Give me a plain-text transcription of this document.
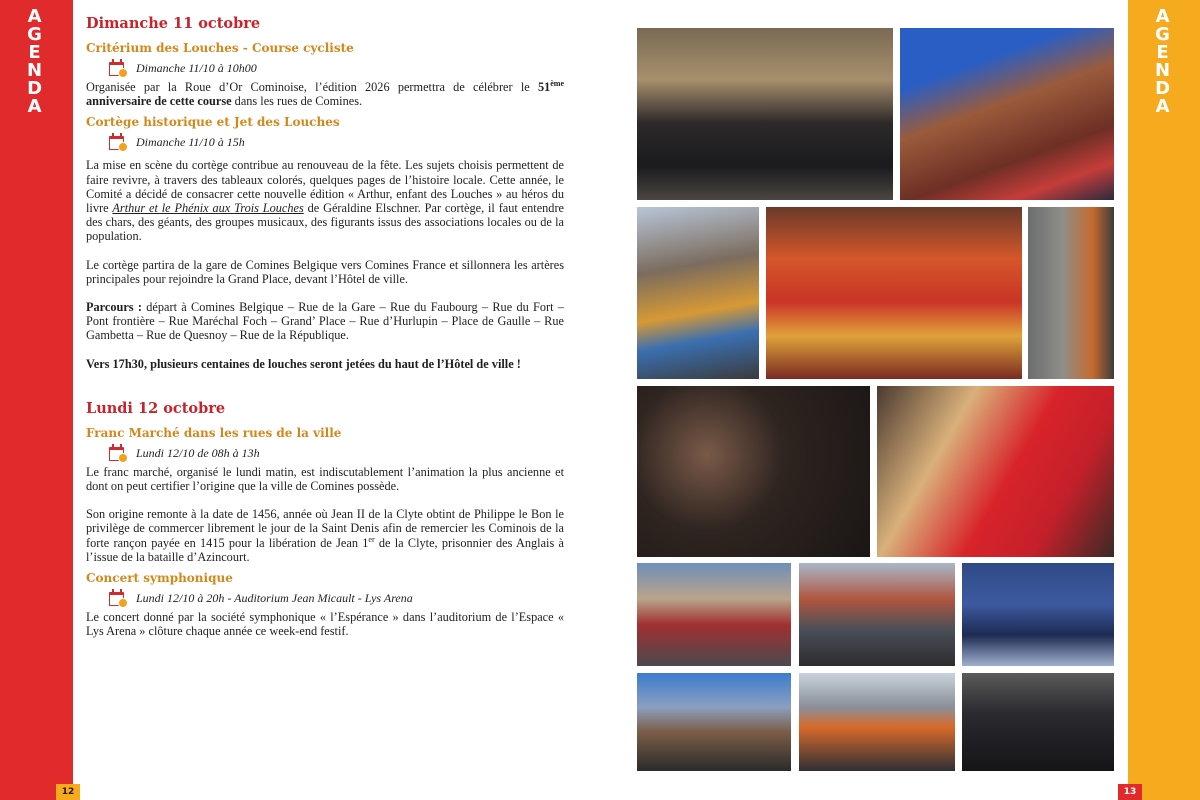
A
G
E
N
D
A
12
A
G
E
N
D
A
13
Dimanche 11 octobre
Critérium des Louches - Course cycliste
Dimanche 11/10 à 10h00

Organisée par la Roue d’Or Cominoise, l’édition 2026 permettra de célébrer le 51ème anniversaire de cette course dans les rues de Comines.

Cortège historique et Jet des Louches
Dimanche 11/10 à 15h

La mise en scène du cortège contribue au renouveau de la fête. Les sujets choisis permettent de faire revivre, à travers des tableaux colorés, quelques pages de l’histoire locale. Cette année, le Comité a décidé de consacrer cette nouvelle édition « Arthur, enfant des Louches » au héros du livre Arthur et le Phénix aux Trois Louches de Géraldine Elschner. Par cortège, il faut entendre des chars, des géants, des groupes musicaux, des figurants issus des associations locales ou de la population.

Le cortège partira de la gare de Comines Belgique vers Comines France et sillonnera les artères principales pour rejoindre la Grand Place, devant l’Hôtel de ville.

Parcours : départ à Comines Belgique – Rue de la Gare – Rue du Faubourg – Rue du Fort – Pont frontière – Rue Maréchal Foch – Grand’ Place – Rue d’Hurlupin – Place de Gaulle – Rue Gambetta – Rue de Quesnoy – Rue de la République.

Vers 17h30, plusieurs centaines de louches seront jetées du haut de l’Hôtel de ville !

Lundi 12 octobre
Franc Marché dans les rues de la ville
Lundi 12/10 de 08h à 13h

Le franc marché, organisé le lundi matin, est indiscutablement l’animation la plus ancienne et dont on peut certifier l’origine que la ville de Comines possède.

Son origine remonte à la date de 1456, année où Jean II de la Clyte obtint de Philippe le Bon le privilège de commercer librement le jour de la Saint Denis afin de remercier les Cominois de la forte rançon payée en 1415 pour la libération de Jean 1er de la Clyte, prisonnier des Anglais à l’issue de la bataille d’Azincourt.

Concert symphonique
Lundi 12/10 à 20h - Auditorium Jean Micault - Lys Arena

Le concert donné par la société symphonique « l’Espérance » dans l’auditorium de l’Espace « Lys Arena » clôture chaque année ce week-end festif.
